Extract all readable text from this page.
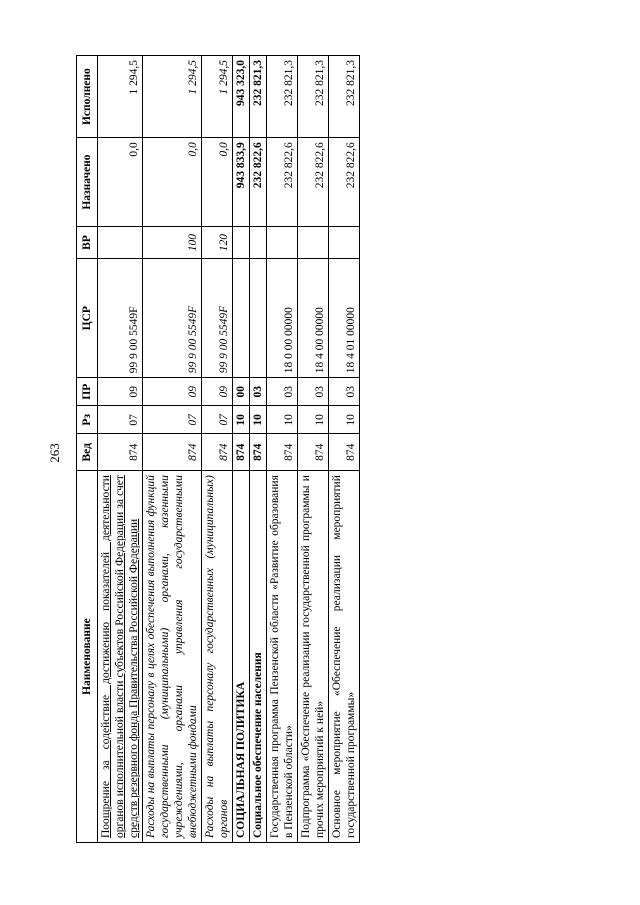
263
Наименование	Вед	Рз	ПР	ЦСР	ВР	Назначено	Исполнено
Поощрение за содействие достижению показателей деятельности органов исполнительной власти субъектов Российской Федерации за счет средств резервного фонда Правительства Российской Федерации	874	07	09	99 9 00 5549F		0,0	1 294,5
Расходы на выплаты персоналу в целях обеспечения выполнения функций государственными (муниципальными) органами, казенными учреждениями, органами управления государственными внебюджетными фондами	874	07	09	99 9 00 5549F	100	0,0	1 294,5
Расходы на выплаты персоналу государственных (муниципальных) органов	874	07	09	99 9 00 5549F	120	0,0	1 294,5
СОЦИАЛЬНАЯ ПОЛИТИКА	874	10	00			943 833,9	943 323,0
Социальное обеспечение населения	874	10	03			232 822,6	232 821,3
Государственная программа Пензенской области «Развитие образования в Пензенской области»	874	10	03	18 0 00 00000		232 822,6	232 821,3
Подпрограмма «Обеспечение реализации государственной программы и прочих мероприятий к ней»	874	10	03	18 4 00 00000		232 822,6	232 821,3
Основное мероприятие «Обеспечение реализации мероприятий государственной программы»	874	10	03	18 4 01 00000		232 822,6	232 821,3
